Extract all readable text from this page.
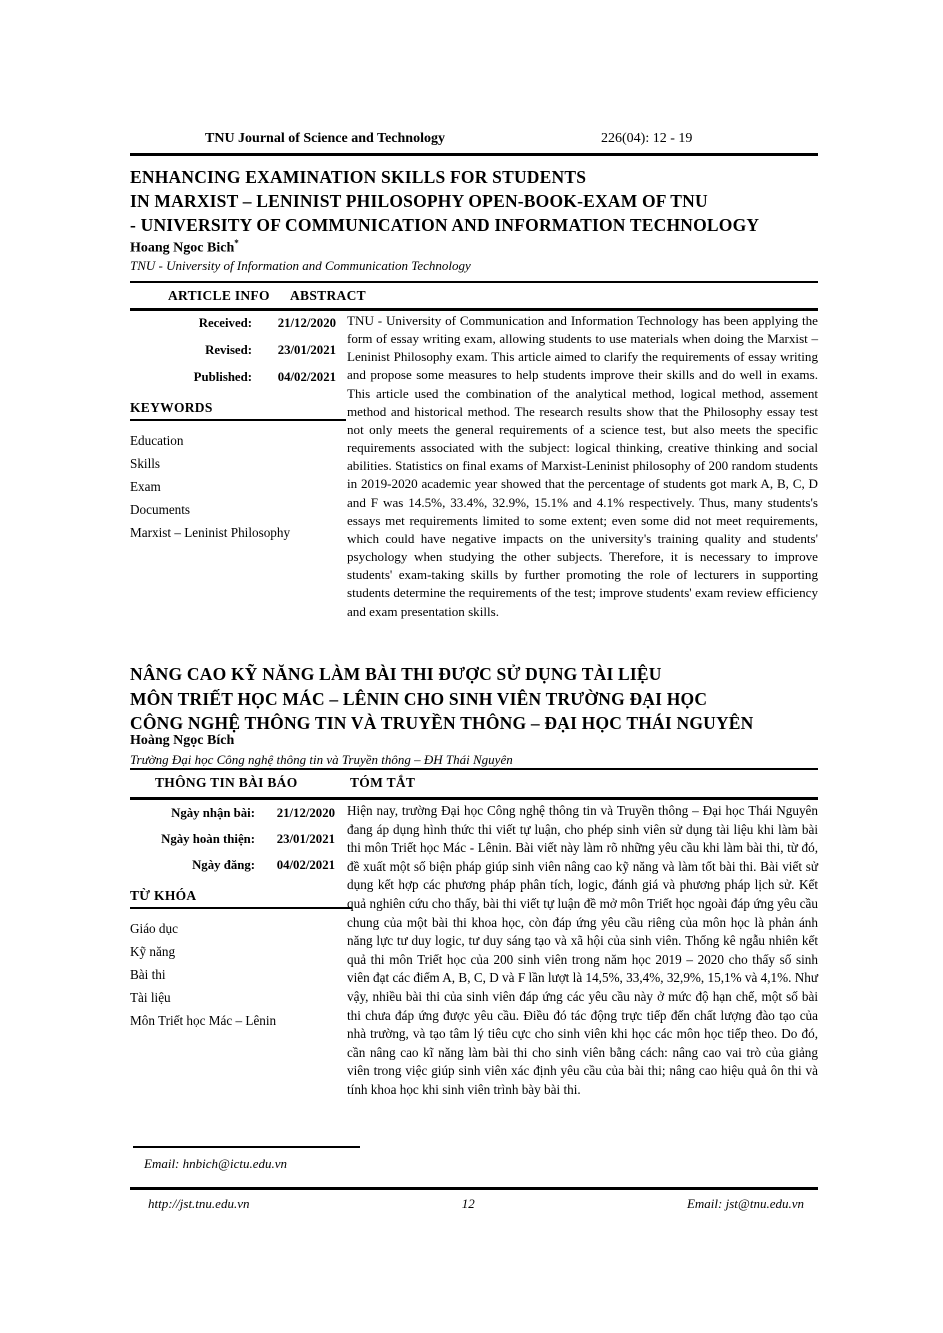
TNU Journal of Science and Technology	226(04): 12 - 19
ENHANCING EXAMINATION SKILLS FOR STUDENTS
IN MARXIST – LENINIST PHILOSOPHY OPEN-BOOK-EXAM OF TNU
- UNIVERSITY OF COMMUNICATION AND INFORMATION TECHNOLOGY
Hoang Ngoc Bich*
TNU - University of Information and Communication Technology
ARTICLE INFO ABSTRACT
Received:	21/12/2020
Revised:	23/01/2021
Published:	04/02/2021
KEYWORDS
Education
Skills
Exam
Documents
Marxist – Leninist Philosophy
TNU - University of Communication and Information Technology has been applying the form of essay writing exam, allowing students to use materials when doing the Marxist – Leninist Philosophy exam. This article aimed to clarify the requirements of essay writing and propose some measures to help students improve their skills and do well in exams. This article used the combination of the analytical method, logical method, assement method and historical method. The research results show that the Philosophy essay test not only meets the general requirements of a science test, but also meets the specific requirements associated with the subject: logical thinking, creative thinking and social abilities. Statistics on final exams of Marxist-Leninist philosophy of 200 random students in 2019-2020 academic year showed that the percentage of students got mark A, B, C, D and F was 14.5%, 33.4%, 32.9%, 15.1% and 4.1% respectively. Thus, many students's essays met requirements limited to some extent; even some did not meet requirements, which could have negative impacts on the university's training quality and students' psychology when studying the other subjects. Therefore, it is necessary to improve students' exam-taking skills by further promoting the role of lecturers in supporting students determine the requirements of the test; improve students' exam review efficiency and exam presentation skills.
NÂNG CAO KỸ NĂNG LÀM BÀI THI ĐƯỢC SỬ DỤNG TÀI LIỆU
MÔN TRIẾT HỌC MÁC – LÊNIN CHO SINH VIÊN TRƯỜNG ĐẠI HỌC
CÔNG NGHỆ THÔNG TIN VÀ TRUYỀN THÔNG – ĐẠI HỌC THÁI NGUYÊN
Hoàng Ngọc Bích
Trường Đại học Công nghệ thông tin và Truyền thông – ĐH Thái Nguyên
THÔNG TIN BÀI BÁO	TÓM TẮT
Ngày nhận bài:	21/12/2020
Ngày hoàn thiện:	23/01/2021
Ngày đăng:	04/02/2021
TỪ KHÓA
Giáo dục
Kỹ năng
Bài thi
Tài liệu
Môn Triết học Mác – Lênin
Hiện nay, trường Đại học Công nghệ thông tin và Truyền thông – Đại học Thái Nguyên đang áp dụng hình thức thi viết tự luận, cho phép sinh viên sử dụng tài liệu khi làm bài thi môn Triết học Mác - Lênin. Bài viết này làm rõ những yêu cầu khi làm bài thi, từ đó, đề xuất một số biện pháp giúp sinh viên nâng cao kỹ năng và làm tốt bài thi. Bài viết sử dụng kết hợp các phương pháp phân tích, logic, đánh giá và phương pháp lịch sử. Kết quả nghiên cứu cho thấy, bài thi viết tự luận đề mở môn Triết học ngoài đáp ứng yêu cầu chung của một bài thi khoa học, còn đáp ứng yêu cầu riêng của môn học là phản ánh năng lực tư duy logic, tư duy sáng tạo và xã hội của sinh viên. Thống kê ngẫu nhiên kết quả thi môn Triết học của 200 sinh viên trong năm học 2019 – 2020 cho thấy số sinh viên đạt các điểm A, B, C, D và F lần lượt là 14,5%, 33,4%, 32,9%, 15,1% và 4,1%. Như vậy, nhiều bài thi của sinh viên đáp ứng các yêu cầu này ở mức độ hạn chế, một số bài thi chưa đáp ứng được yêu cầu. Điều đó tác động trực tiếp đến chất lượng đào tạo của nhà trường, và tạo tâm lý tiêu cực cho sinh viên khi học các môn học tiếp theo. Do đó, cần nâng cao kĩ năng làm bài thi cho sinh viên bằng cách: nâng cao vai trò của giảng viên trong việc giúp sinh viên xác định yêu cầu của bài thi; nâng cao hiệu quả ôn thi và tính khoa học khi sinh viên trình bày bài thi.
Email: hnbich@ictu.edu.vn
http://jst.tnu.edu.vn	12	Email: jst@tnu.edu.vn
